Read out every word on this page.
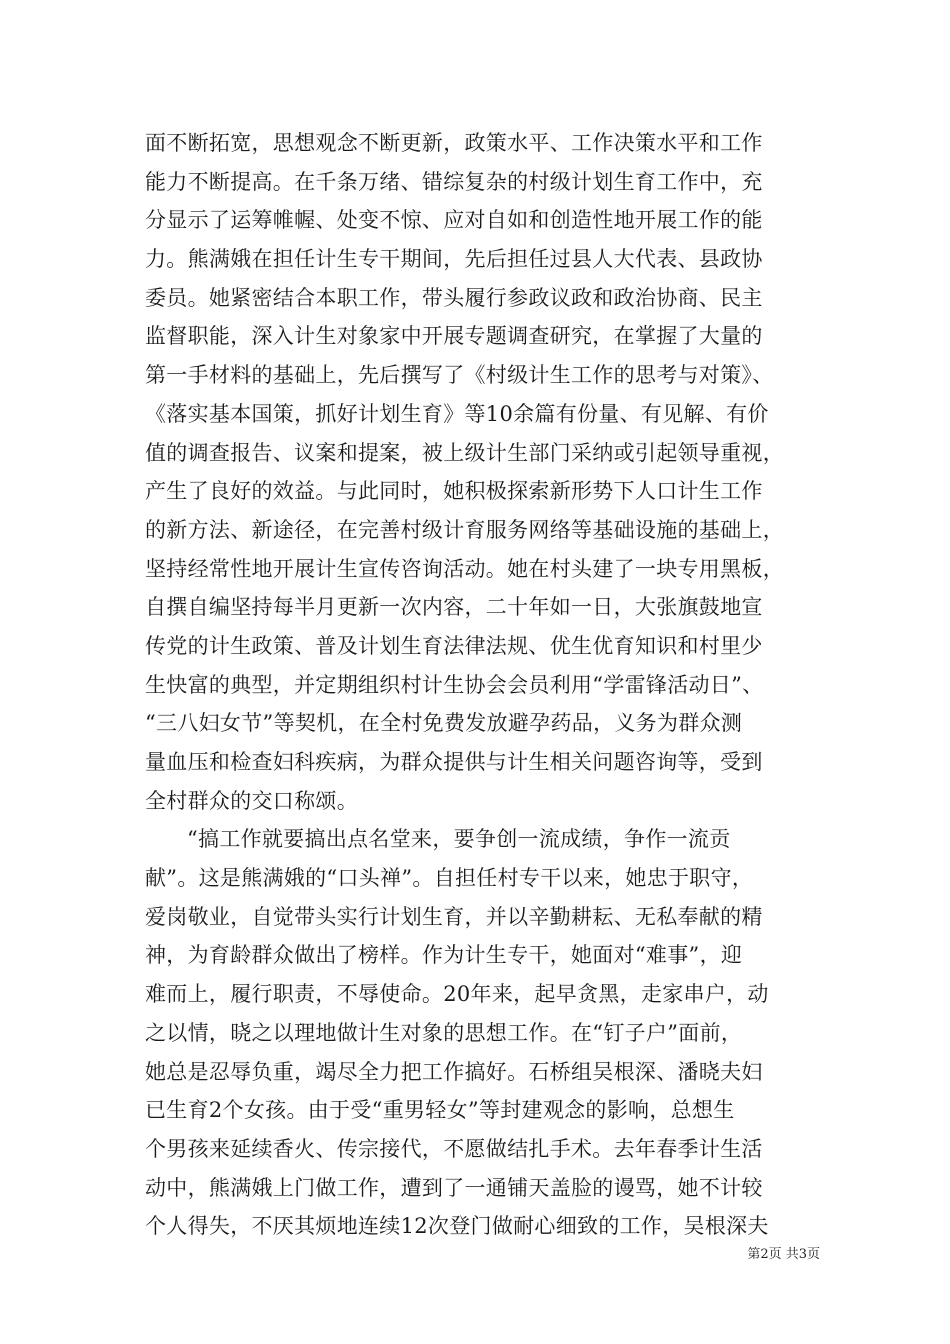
面不断拓宽，思想观念不断更新，政策水平、工作决策水平和工作
能力不断提高。在千条万绪、错综复杂的村级计划生育工作中，充
分显示了运筹帷幄、处变不惊、应对自如和创造性地开展工作的能
力。熊满娥在担任计生专干期间，先后担任过县人大代表、县政协
委员。她紧密结合本职工作，带头履行参政议政和政治协商、民主
监督职能，深入计生对象家中开展专题调查研究，在掌握了大量的
第一手材料的基础上，先后撰写了《村级计生工作的思考与对策》、
《落实基本国策，抓好计划生育》等10余篇有份量、有见解、有价
值的调查报告、议案和提案，被上级计生部门采纳或引起领导重视，
产生了良好的效益。与此同时，她积极探索新形势下人口计生工作
的新方法、新途径，在完善村级计育服务网络等基础设施的基础上，
坚持经常性地开展计生宣传咨询活动。她在村头建了一块专用黑板，
自撰自编坚持每半月更新一次内容，二十年如一日，大张旗鼓地宣
传党的计生政策、普及计划生育法律法规、优生优育知识和村里少
生快富的典型，并定期组织村计生协会会员利用“学雷锋活动日”、
“三八妇女节”等契机，在全村免费发放避孕药品，义务为群众测
量血压和检查妇科疾病，为群众提供与计生相关问题咨询等，受到
全村群众的交口称颂。
“搞工作就要搞出点名堂来，要争创一流成绩，争作一流贡
献”。这是熊满娥的“口头禅”。自担任村专干以来，她忠于职守，
爱岗敬业，自觉带头实行计划生育，并以辛勤耕耘、无私奉献的精
神，为育龄群众做出了榜样。作为计生专干，她面对“难事”，迎
难而上，履行职责，不辱使命。20年来，起早贪黑，走家串户，动
之以情，晓之以理地做计生对象的思想工作。在“钉子户”面前，
她总是忍辱负重，竭尽全力把工作搞好。石桥组吴根深、潘晓夫妇
已生育2个女孩。由于受“重男轻女”等封建观念的影响，总想生
个男孩来延续香火、传宗接代，不愿做结扎手术。去年春季计生活
动中，熊满娥上门做工作，遭到了一通铺天盖脸的谩骂，她不计较
个人得失，不厌其烦地连续12次登门做耐心细致的工作，吴根深夫
第2页 共3页
